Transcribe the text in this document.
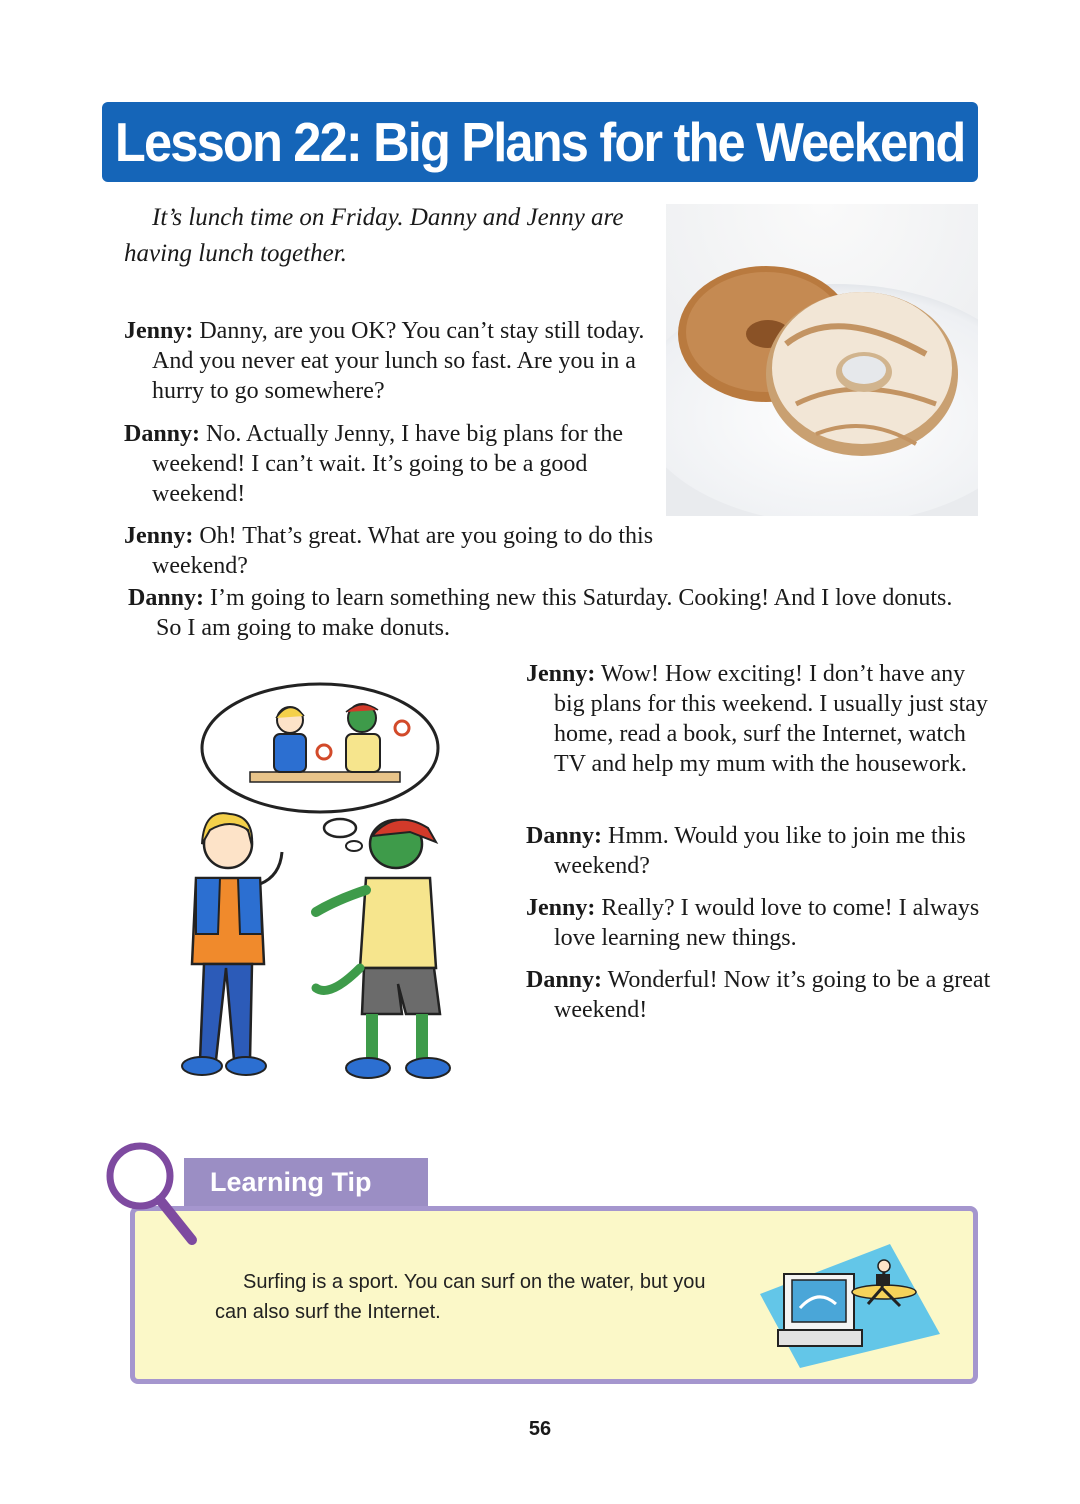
Lesson 22: Big Plans for the Weekend

It’s lunch time on Friday. Danny and Jenny are having lunch together.

Jenny: Danny, are you OK? You can’t stay still today. And you never eat your lunch so fast. Are you in a hurry to go somewhere?
Danny: No. Actually Jenny, I have big plans for the weekend! I can’t wait. It’s going to be a good weekend!
Jenny: Oh! That’s great. What are you going to do this weekend?
Danny: I’m going to learn something new this Saturday. Cooking! And I love donuts. So I am going to make donuts.
Jenny: Wow! How exciting! I don’t have any big plans for this weekend. I usually just stay home, read a book, surf the Internet, watch TV and help my mum with the housework.
Danny: Hmm. Would you like to join me this weekend?
Jenny: Really? I would love to come! I always love learning new things.
Danny: Wonderful! Now it’s going to be a great weekend!

Surfing is a sport. You can surf on the water, but you can also surf the Internet.

Learning Tip
56
